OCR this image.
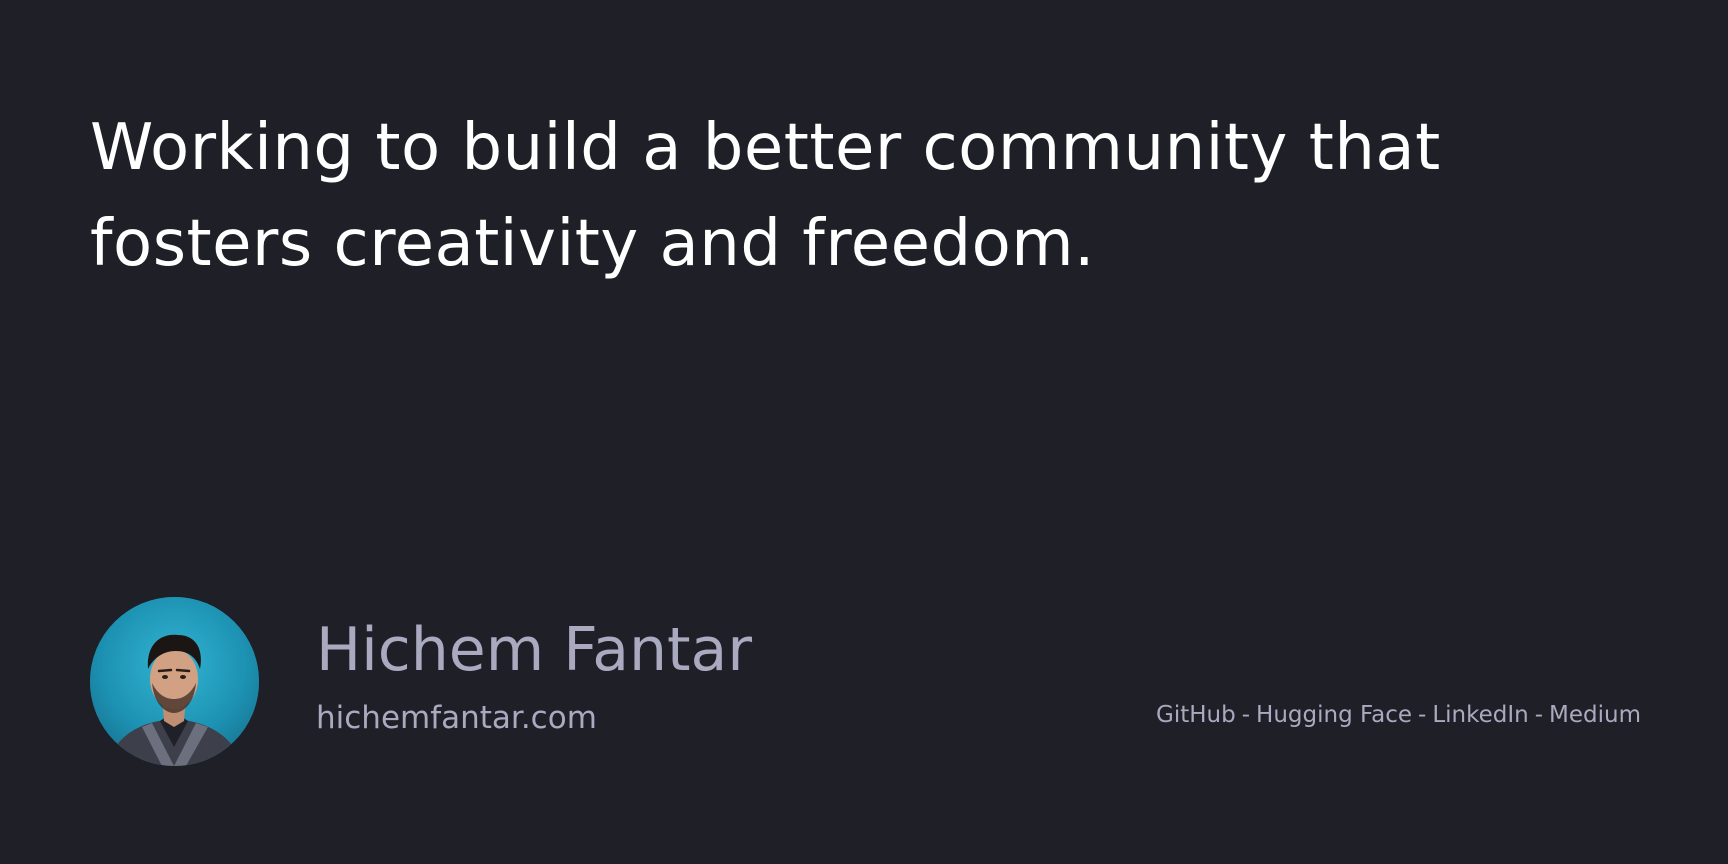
Working to build a better community that
fosters creativity and freedom.
Hichem Fantar
hichemfantar.com	GitHub - Hugging Face - LinkedIn - Medium
